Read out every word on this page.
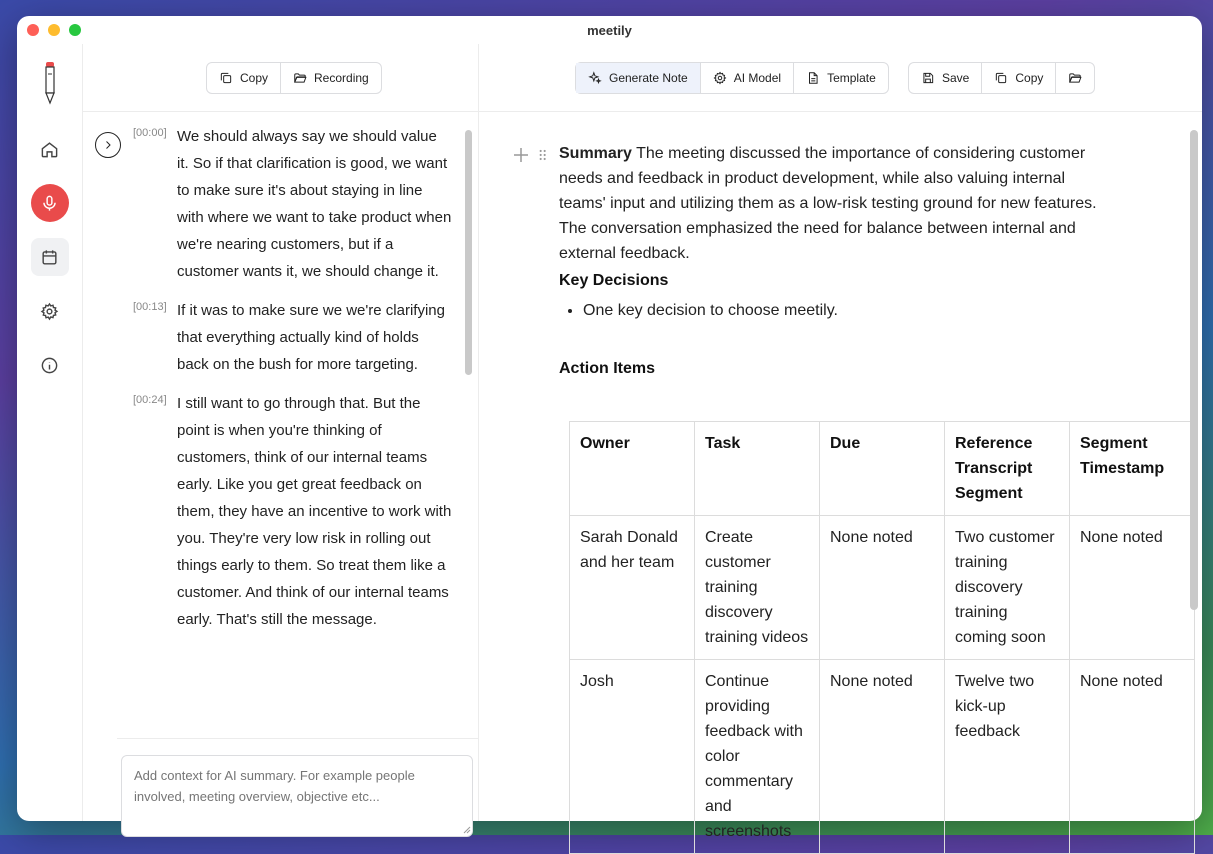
meetily
Copy	Recording
[00:00] We should always say we should value it. So if that clarification is good, we want to make sure it's about staying in line with where we want to take product when we're nearing customers, but if a customer wants it, we should change it.
[00:13] If it was to make sure we we're clarifying that everything actually kind of holds back on the bush for more targeting.
[00:24] I still want to go through that. But the point is when you're thinking of customers, think of our internal teams early. Like you get great feedback on them, they have an incentive to work with you. They're very low risk in rolling out things early to them. So treat them like a customer. And think of our internal teams early. That's still the message.
Add context for AI summary. For example people involved, meeting overview, objective etc...
Generate Note	AI Model	Template	Save	Copy

Summary The meeting discussed the importance of considering customer needs and feedback in product development, while also valuing internal teams' input and utilizing them as a low-risk testing ground for new features. The conversation emphasized the need for balance between internal and external feedback.

Key Decisions
• One key decision to choose meetily.
Action Items
Owner	Task	Due	Reference Transcript Segment	Segment Timestamp
Sarah Donald and her team	Create customer training discovery training videos	None noted	Two customer training discovery training coming soon	None noted
Josh	Continue providing feedback with color commentary and screenshots	None noted	Twelve two kick-up feedback	None noted
